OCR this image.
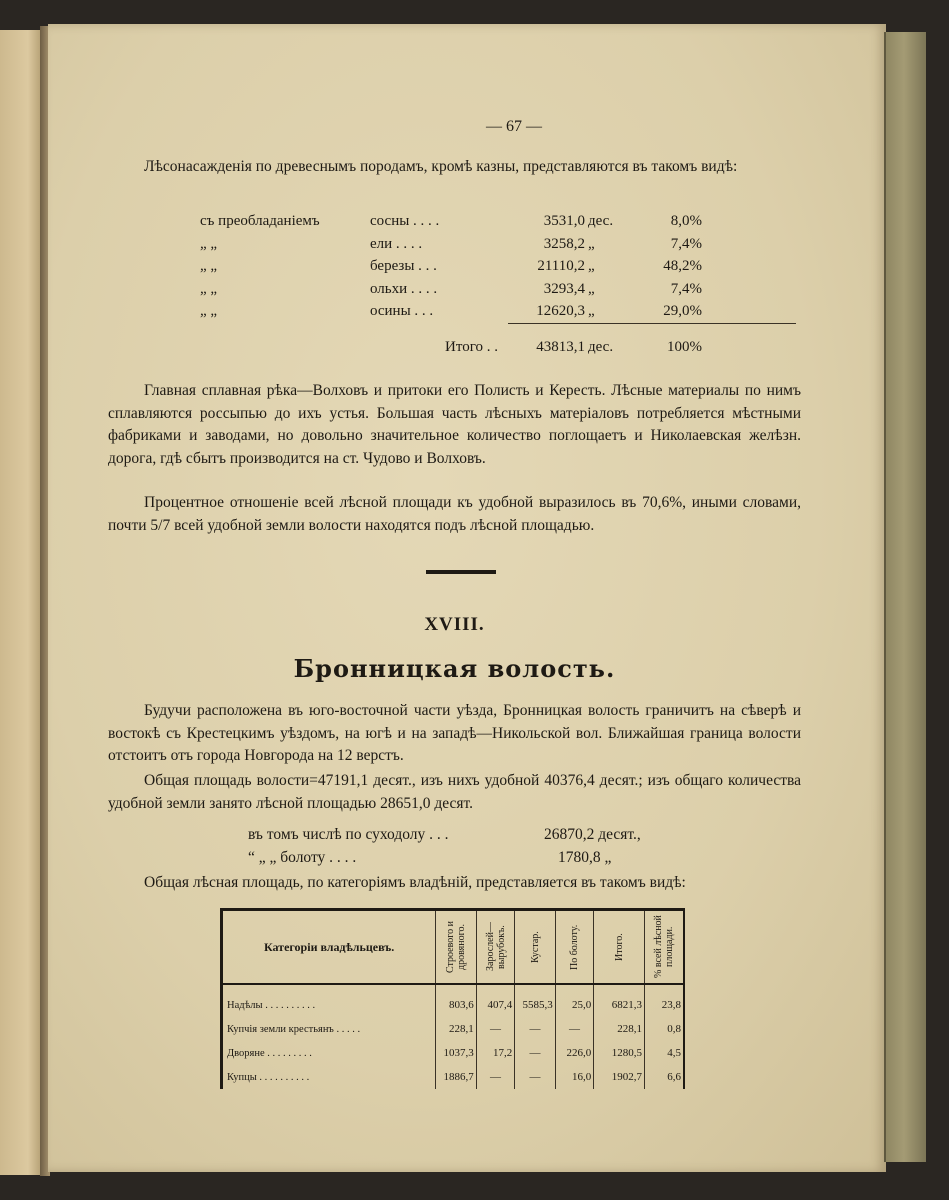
— 67 —

Лѣсонасажденія по древеснымъ породамъ, кромѣ казны, представляются въ такомъ видѣ:

съ преобладаніемъ	сосны . . . .	3531,0 дес.	8,0%
„ „	ели . . . .	3258,2 „	7,4%
„ „	березы . . .	21110,2 „	48,2%
„ „	ольхи . . . .	3293,4 „	7,4%
„ „	осины . . .	12620,3 „	29,0%
Итого . .	43813,1 дес.	100%

Главная сплавная рѣка—Волховъ и притоки его Полисть и Кересть. Лѣсные материалы по нимъ сплавляются россыпью до ихъ устья. Большая часть лѣсныхъ матеріаловъ потребляется мѣстными фабриками и заводами, но довольно значительное количество поглощаетъ и Николаевская желѣзн. дорога, гдѣ сбытъ производится на ст. Чудово и Волховъ.

Процентное отношеніе всей лѣсной площади къ удобной выразилось въ 70,6%, иными словами, почти 5/7 всей удобной земли волости находятся подъ лѣсной площадью.

XVIII.
Бронницкая волость.

Будучи расположена въ юго-восточной части уѣзда, Бронницкая волость граничитъ на сѣверѣ и востокѣ съ Крестецкимъ уѣздомъ, на югѣ и на западѣ—Никольской вол. Ближайшая граница волости отстоитъ отъ города Новгорода на 12 верстъ.

Общая площадь волости=47191,1 десят., изъ нихъ удобной 40376,4 десят.; изъ общаго количества удобной земли занято лѣсной площадью 28651,0 десят.

въ томъ числѣ по суходолу . . .	26870,2 десят.,
“ „ „ болоту . . . .	1780,8 „

Общая лѣсная площадь, по категоріямъ владѣній, представляется въ такомъ видѣ:

Категоріи владѣльцевъ.	Строевого и дровяного.	Зарослей—вырубокъ.	Кустар.	По болоту.	Итого.	% всей лѣсной площади.

Надѣлы . . . . . . . . . .	803,6	407,4	5585,3	25,0	6821,3	23,8
Купчія земли крестьянъ . . . . .	228,1	—	—	—	228,1	0,8
Дворяне . . . . . . . . .	1037,3	17,2	—	226,0	1280,5	4,5
Купцы . . . . . . . . . .	1886,7	—	—	16,0	1902,7	6,6
